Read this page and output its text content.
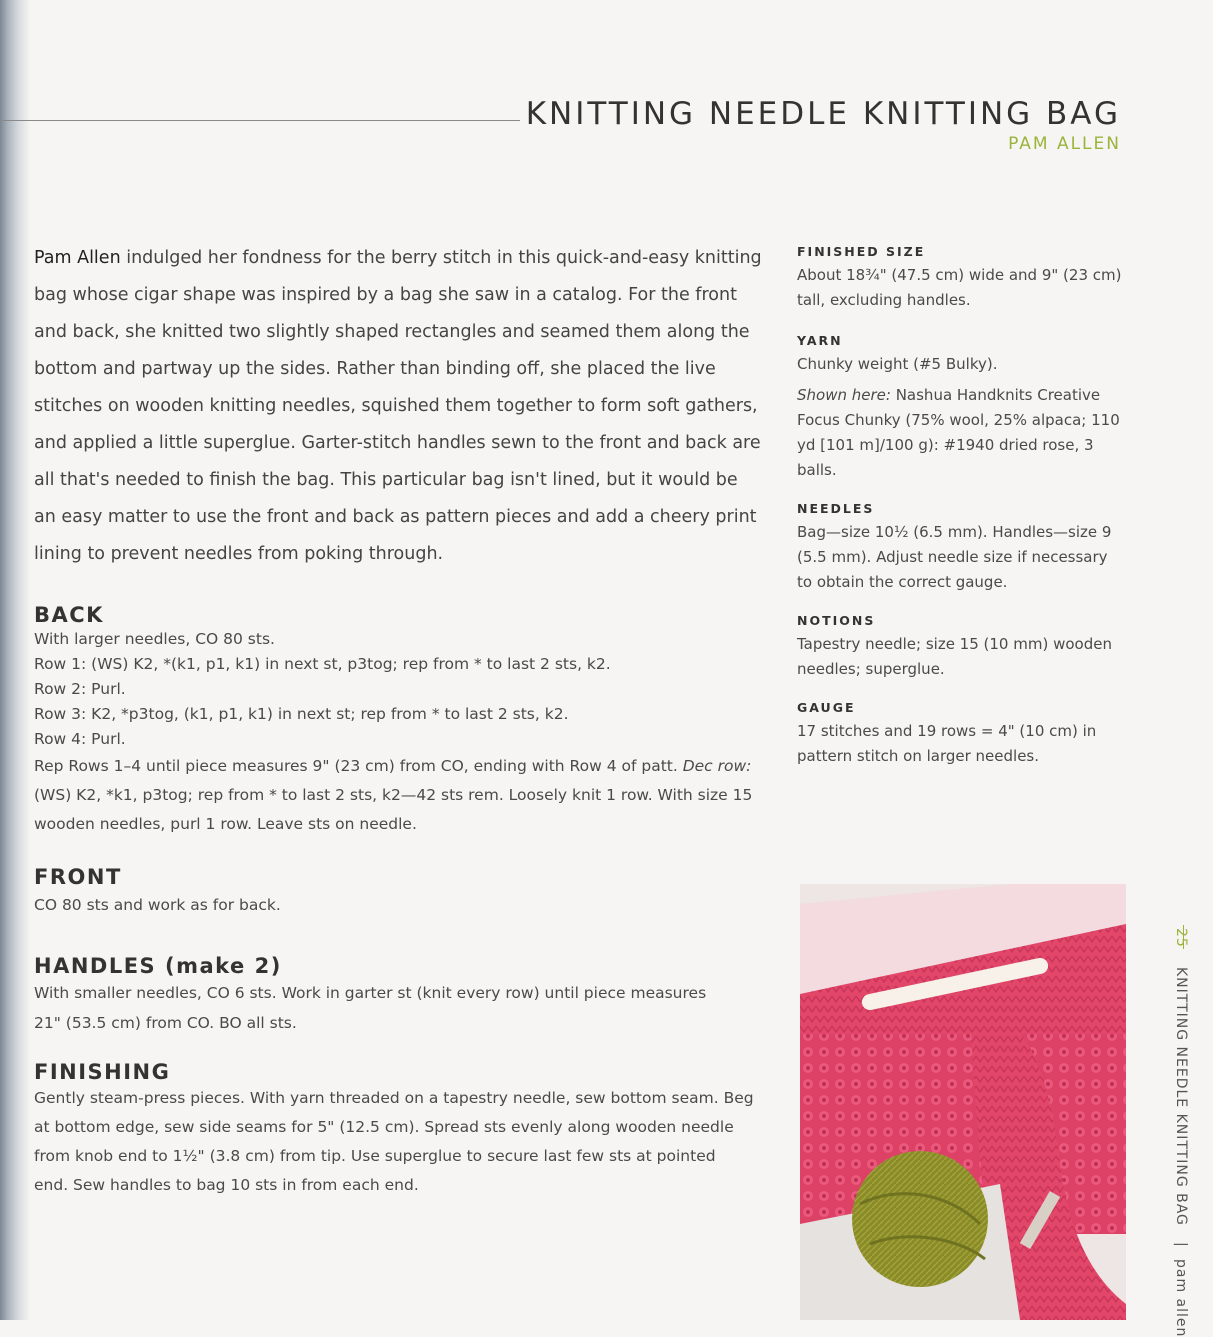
KNITTING NEEDLE KNITTING BAG
PAM ALLEN

Pam Allen indulged her fondness for the berry stitch in this quick-and-easy knitting bag whose cigar shape was inspired by a bag she saw in a catalog. For the front and back, she knitted two slightly shaped rectangles and seamed them along the bottom and partway up the sides. Rather than binding off, she placed the live stitches on wooden knitting needles, squished them together to form soft gathers, and applied a little superglue. Garter-stitch handles sewn to the front and back are all that's needed to finish the bag. This particular bag isn't lined, but it would be an easy matter to use the front and back as pattern pieces and add a cheery print lining to prevent needles from poking through.

BACK

With larger needles, CO 80 sts.

Row 1: (WS) K2, *(k1, p1, k1) in next st, p3tog; rep from * to last 2 sts, k2.

Row 2: Purl.

Row 3: K2, *p3tog, (k1, p1, k1) in next st; rep from * to last 2 sts, k2.

Row 4: Purl.

Rep Rows 1–4 until piece measures 9" (23 cm) from CO, ending with Row 4 of patt. Dec row: (WS) K2, *k1, p3tog; rep from * to last 2 sts, k2—42 sts rem. Loosely knit 1 row. With size 15 wooden needles, purl 1 row. Leave sts on needle.

FRONT

CO 80 sts and work as for back.

HANDLES (make 2)

With smaller needles, CO 6 sts. Work in garter st (knit every row) until piece measures 21" (53.5 cm) from CO. BO all sts.

FINISHING

Gently steam-press pieces. With yarn threaded on a tapestry needle, sew bottom seam. Beg at bottom edge, sew side seams for 5" (12.5 cm). Spread sts evenly along wooden needle from knob end to 1½" (3.8 cm) from tip. Use superglue to secure last few sts at pointed end. Sew handles to bag 10 sts in from each end.

FINISHED SIZE

About 18¾" (47.5 cm) wide and 9" (23 cm) tall, excluding handles.

YARN

Chunky weight (#5 Bulky).

Shown here: Nashua Handknits Creative Focus Chunky (75% wool, 25% alpaca; 110 yd [101 m]/100 g): #1940 dried rose, 3 balls.

NEEDLES

Bag—size 10½ (6.5 mm). Handles—size 9 (5.5 mm). Adjust needle size if necessary to obtain the correct gauge.

NOTIONS

Tapestry needle; size 15 (10 mm) wooden needles; superglue.

GAUGE

17 stitches and 19 rows = 4" (10 cm) in pattern stitch on larger needles.

25 KNITTING NEEDLE KNITTING BAG | pam allen
